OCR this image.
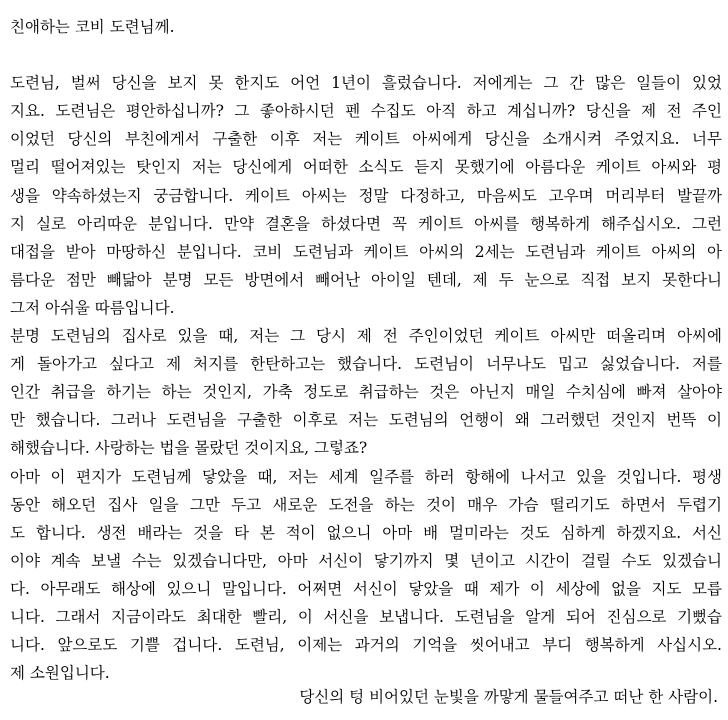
친애하는 코비 도련님께.

도련님, 벌써 당신을 보지 못 한지도 어언 1년이 흘렀습니다. 저에게는 그 간 많은 일들이 있었
지요. 도련님은 평안하십니까? 그 좋아하시던 펜 수집도 아직 하고 계십니까? 당신을 제 전 주인
이었던 당신의 부친에게서 구출한 이후 저는 케이트 아씨에게 당신을 소개시켜 주었지요. 너무
멀리 떨어져있는 탓인지 저는 당신에게 어떠한 소식도 듣지 못했기에 아름다운 케이트 아씨와 평
생을 약속하셨는지 궁금합니다. 케이트 아씨는 정말 다정하고, 마음씨도 고우며 머리부터 발끝까
지 실로 아리따운 분입니다. 만약 결혼을 하셨다면 꼭 케이트 아씨를 행복하게 해주십시오. 그런
대접을 받아 마땅하신 분입니다. 코비 도련님과 케이트 아씨의 2세는 도련님과 케이트 아씨의 아
름다운 점만 빼닮아 분명 모든 방면에서 빼어난 아이일 텐데, 제 두 눈으로 직접 보지 못한다니
그저 아쉬울 따름입니다.
분명 도련님의 집사로 있을 때, 저는 그 당시 제 전 주인이었던 케이트 아씨만 떠올리며 아씨에
게 돌아가고 싶다고 제 처지를 한탄하고는 했습니다. 도련님이 너무나도 밉고 싫었습니다. 저를
인간 취급을 하기는 하는 것인지, 가축 정도로 취급하는 것은 아닌지 매일 수치심에 빠져 살아야
만 했습니다. 그러나 도련님을 구출한 이후로 저는 도련님의 언행이 왜 그러했던 것인지 번뜩 이
해했습니다. 사랑하는 법을 몰랐던 것이지요, 그렇죠?
아마 이 편지가 도련님께 닿았을 때, 저는 세계 일주를 하러 항해에 나서고 있을 것입니다. 평생
동안 해오던 집사 일을 그만 두고 새로운 도전을 하는 것이 매우 가슴 떨리기도 하면서 두렵기
도 합니다. 생전 배라는 것을 타 본 적이 없으니 아마 배 멀미라는 것도 심하게 하겠지요. 서신
이야 계속 보낼 수는 있겠습니다만, 아마 서신이 닿기까지 몇 년이고 시간이 걸릴 수도 있겠습니
다. 아무래도 해상에 있으니 말입니다. 어쩌면 서신이 닿았을 때 제가 이 세상에 없을 지도 모릅
니다. 그래서 지금이라도 최대한 빨리, 이 서신을 보냅니다. 도련님을 알게 되어 진심으로 기뻤습
니다. 앞으로도 기쁠 겁니다. 도련님, 이제는 과거의 기억을 씻어내고 부디 행복하게 사십시오.
제 소원입니다.
당신의 텅 비어있던 눈빛을 까맣게 물들여주고 떠난 한 사람이.
